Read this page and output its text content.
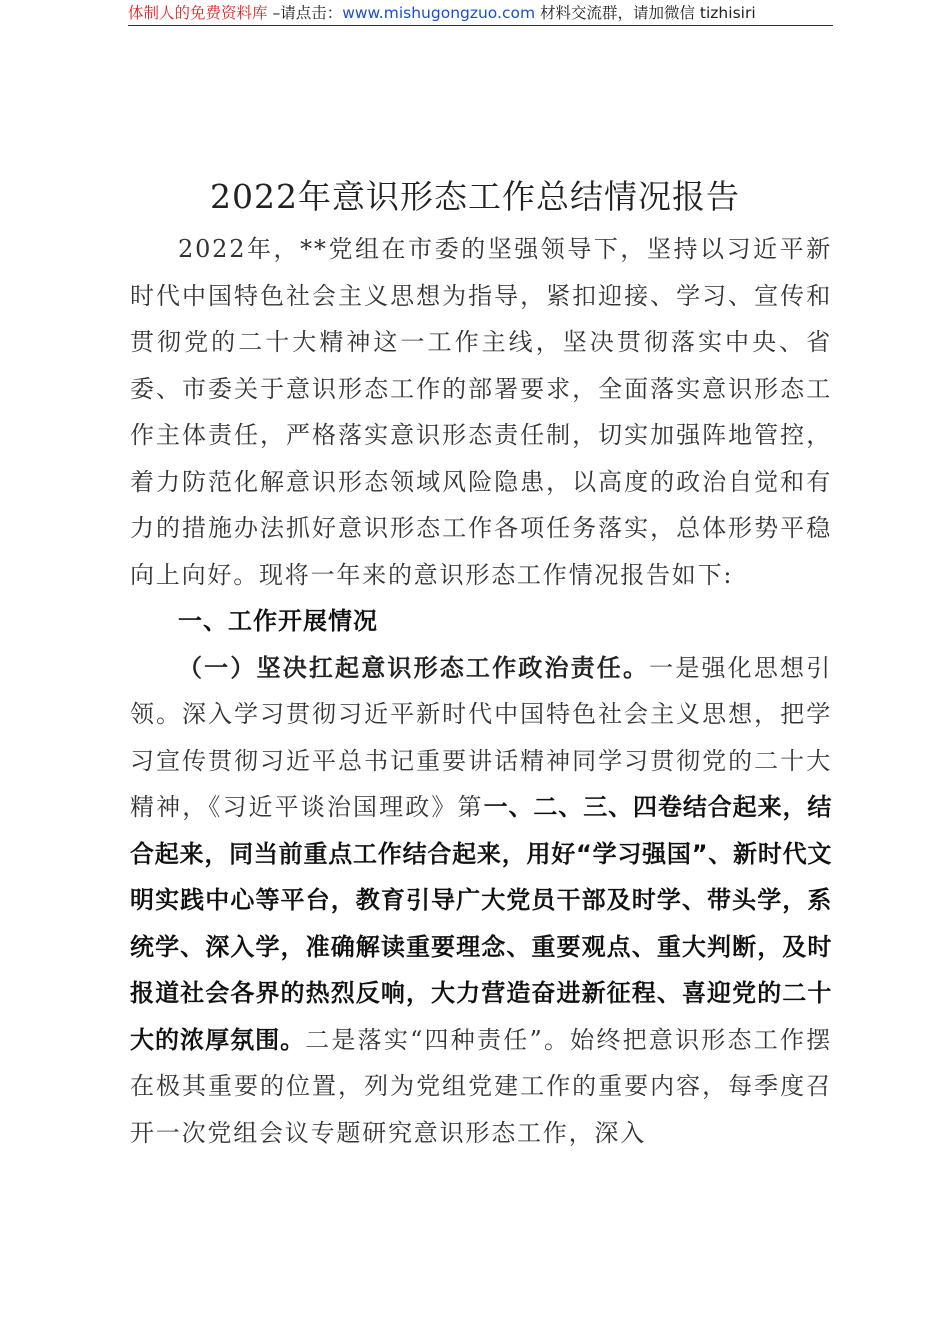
体制人的免费资料库 –请点击：www.mishugongzuo.com 材料交流群，请加微信 tizhisiri
2022年意识形态工作总结情况报告

2022年，**党组在市委的坚强领导下，坚持以习近平新时代中国特色社会主义思想为指导，紧扣迎接、学习、宣传和贯彻党的二十大精神这一工作主线，坚决贯彻落实中央、省委、市委关于意识形态工作的部署要求，全面落实意识形态工作主体责任，严格落实意识形态责任制，切实加强阵地管控，着力防范化解意识形态领域风险隐患，以高度的政治自觉和有力的措施办法抓好意识形态工作各项任务落实，总体形势平稳向上向好。现将一年来的意识形态工作情况报告如下:

一、工作开展情况

（一）坚决扛起意识形态工作政治责任。一是强化思想引领。深入学习贯彻习近平新时代中国特色社会主义思想，把学习宣传贯彻习近平总书记重要讲话精神同学习贯彻党的二十大精神，《习近平谈治国理政》第一、二、三、四卷结合起来，结合起来，同当前重点工作结合起来，用好“学习强国”、新时代文明实践中心等平台，教育引导广大党员干部及时学、带头学，系统学、深入学，准确解读重要理念、重要观点、重大判断，及时报道社会各界的热烈反响，大力营造奋进新征程、喜迎党的二十大的浓厚氛围。二是落实“四种责任”。始终把意识形态工作摆在极其重要的位置，列为党组党建工作的重要内容，每季度召开一次党组会议专题研究意识形态工作，深入
